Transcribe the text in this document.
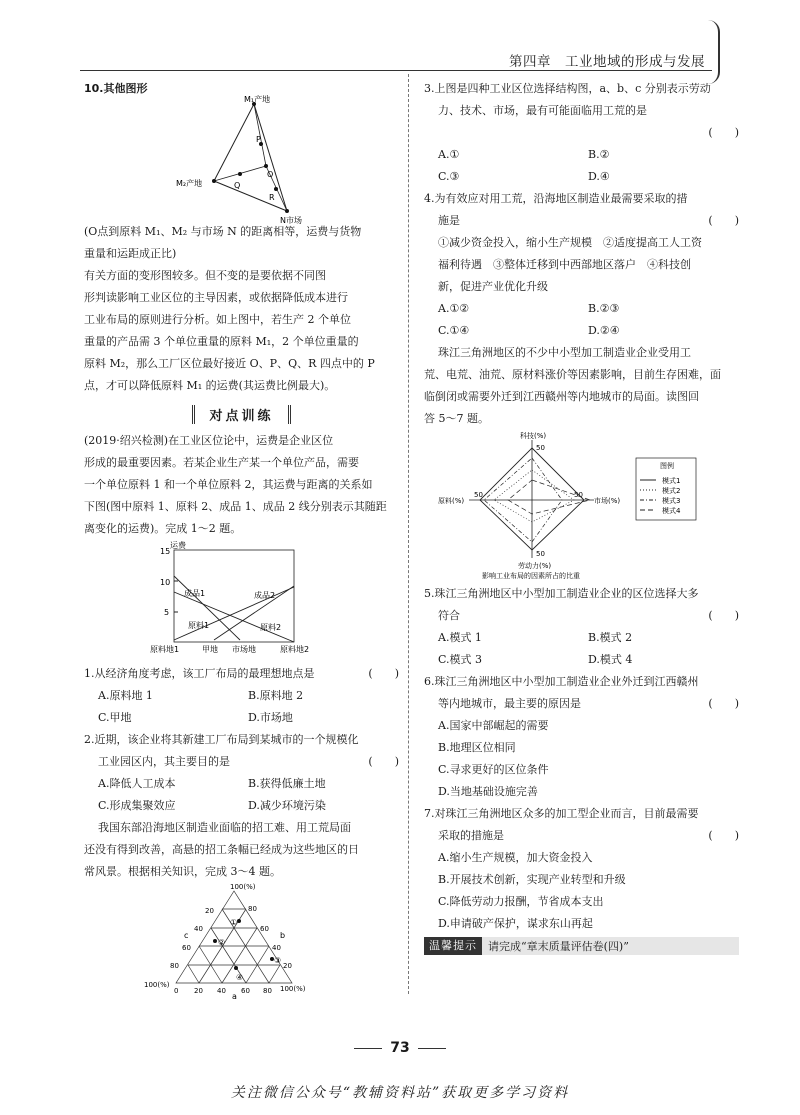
第四章　工业地域的形成与发展
10.其他图形
M₁产地
M₂产地
N市场
P
O
Q
R
(O点到原料 M₁、M₂ 与市场 N 的距离相等，运费与货物
重量和运距成正比)
有关方面的变形图较多。但不变的是要依据不同图
形判读影响工业区位的主导因素，或依据降低成本进行
工业布局的原则进行分析。如上图中，若生产 2 个单位
重量的产品需 3 个单位重量的原料 M₁，2 个单位重量的
原料 M₂，那么工厂区位最好接近 O、P、Q、R 四点中的 P
点，才可以降低原料 M₁ 的运费(其运费比例最大)。
对点训练
(2019·绍兴检测)在工业区位论中，运费是企业区位
形成的最重要因素。若某企业生产某一个单位产品，需要
一个单位原料 1 和一个单位原料 2，其运费与距离的关系如
下图(图中原料 1、原料 2、成品 1、成品 2 线分别表示其随距
离变化的运费)。完成 1～2 题。
运费
15
10
5
成品1	成品2
原料1	原料2
原料地1	甲地 市场地	原料地2
1.从经济角度考虑，该工厂布局的最理想地点是	(　　)
A.原料地 1	B.原料地 2
C.甲地	D.市场地
2.近期，该企业将其新建工厂布局到某城市的一个规模化
工业园区内，其主要目的是	(　　)
A.降低人工成本	B.获得低廉土地
C.形成集聚效应	D.减少环境污染
我国东部沿海地区制造业面临的招工难、用工荒局面
还没有得到改善，高悬的招工条幅已经成为这些地区的日
常风景。根据相关知识，完成 3～4 题。
①
②
③
④
100(%)
100(%)	100(%)
c	b
a
20	80
40	60
60	40
80	20
0 20 40 60 80
3.上图是四种工业区位选择结构图，a、b、c 分别表示劳动
力、技术、市场，最有可能面临用工荒的是
(　　)
A.①	B.②
C.③	D.④
4.为有效应对用工荒，沿海地区制造业最需要采取的措
施是	(　　)
①减少资金投入，缩小生产规模　②适度提高工人工资
福利待遇　③整体迁移到中西部地区落户　④科技创
新，促进产业优化升级
A.①②	B.②③
C.①④	D.②④
珠江三角洲地区的不少中小型加工制造业企业受用工
荒、电荒、油荒、原材料涨价等因素影响，目前生存困难，面
临倒闭或需要外迁到江西赣州等内地城市的局面。读图回
答 5～7 题。
科技(%)
原料(%)	市场(%)
劳动力(%)
50
50	50
50
影响工业布局的因素所占的比重
图例
模式1
模式2
模式3
模式4
5.珠江三角洲地区中小型加工制造业企业的区位选择大多
符合	(　　)
A.模式 1	B.模式 2
C.模式 3	D.模式 4
6.珠江三角洲地区中小型加工制造业企业外迁到江西赣州
等内地城市，最主要的原因是	(　　)
A.国家中部崛起的需要
B.地理区位相同
C.寻求更好的区位条件
D.当地基础设施完善
7.对珠江三角洲地区众多的加工型企业而言，目前最需要
采取的措施是	(　　)
A.缩小生产规模，加大资金投入
B.开展技术创新，实现产业转型和升级
C.降低劳动力报酬，节省成本支出
D.申请破产保护，谋求东山再起
温馨提示	请完成“章末质量评估卷(四)”
73
关注微信公众号“教辅资料站”获取更多学习资料
